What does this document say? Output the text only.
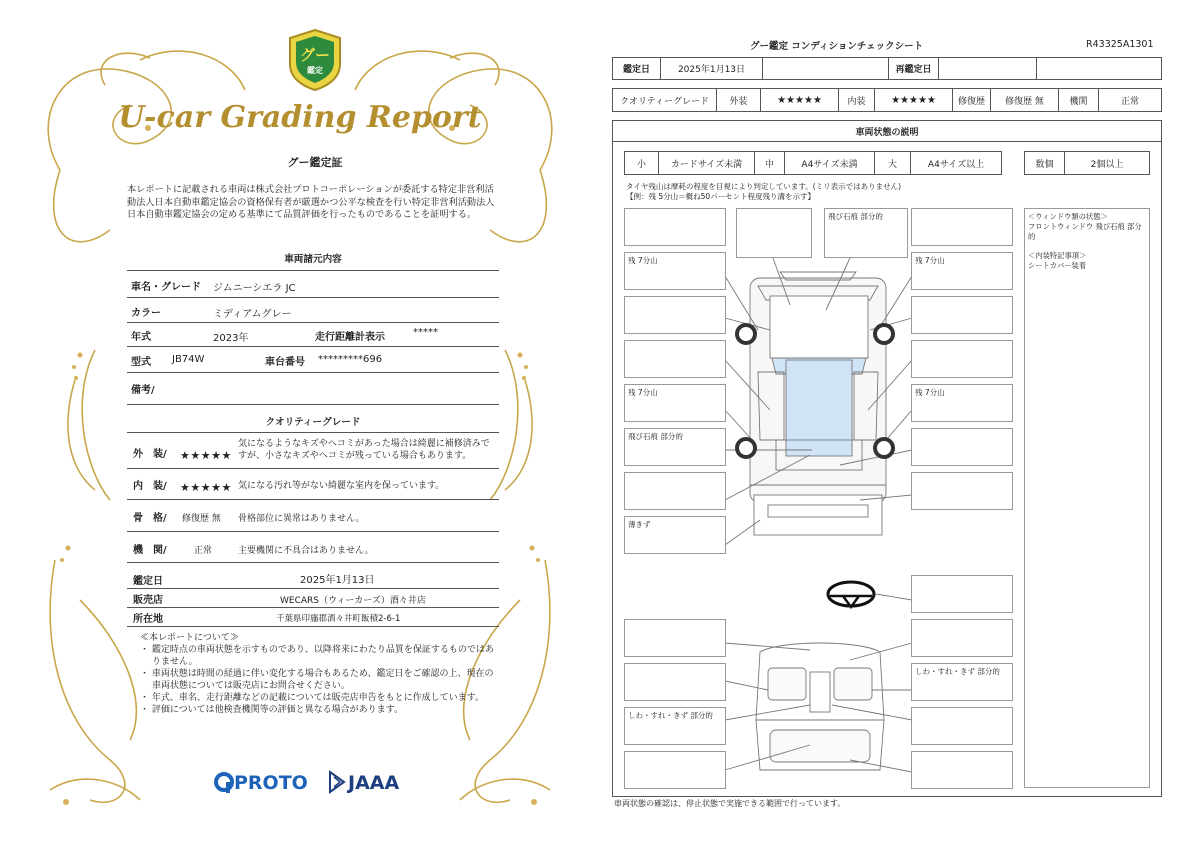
グー
鑑定
U-car Grading Report
グー鑑定証
本レポートに記載される車両は株式会社プロトコーポレーションが委託する特定非営利活動法人日本自動車鑑定協会の資格保有者が厳選かつ公平な検査を行い特定非営利活動法人日本自動車鑑定協会の定める基準にて品質評価を行ったものであることを証明する。
車両諸元内容
車名・グレード ジムニーシエラ JC
カラー	ミディアムグレー
年式	2023年	走行距離計表示	*****
型式 JB74W	車台番号 *********696
備考/
クオリティーグレード
外　装/ ★★★★★
気になるようなキズやヘコミがあった場合は綺麗に補修済みですが、小さなキズやヘコミが残っている場合もあります。
内　装/ ★★★★★ 気になる汚れ等がない綺麗な室内を保っています。
骨　格/ 修復歴 無 骨格部位に異常はありません。
機　関/	正常	主要機関に不具合はありません。
鑑定日	2025年1月13日
販売店	WECARS（ウィーカーズ）酒々井店
所在地	千葉県印旛郡酒々井町飯積2-6-1
≪本レポートについて≫
・ 鑑定時点の車両状態を示すものであり、以降将来にわたり品質を保証するものではありません。
・ 車両状態は時間の経過に伴い変化する場合もあるため、鑑定日をご確認の上、現在の車両状態については販売店にお問合せください。
・ 年式、車名、走行距離などの記載については販売店申告をもとに作成しています。
・ 評価については他検査機関等の評価と異なる場合があります。
PROTO JAAA
グー鑑定 コンディションチェックシート	R43325A1301
鑑定日	2025年1月13日	再鑑定日
クオリティーグレード	外装	★★★★★	内装	★★★★★	修復歴	修復歴 無	機関	正常
車両状態の説明
小	カードサイズ未満	中	A4サイズ未満	大	A4サイズ以上	数個	2個以上
タイヤ残山は摩耗の程度を目視により判定しています。(ミリ表示ではありません)
【例：残 5分山＝概ね50パーセント程度残り溝を示す】
残 7分山
残 7分山
飛び石痕 部分的
薄きず
飛び石痕 部分的
残 7分山
残 7分山
しわ・すれ・きず 部分的
しわ・すれ・きず 部分的
＜ウィンドウ類の状態＞
フロントウィンドウ 飛び石痕 部分的
＜内装特記事項＞
シートカバー装着
車両状態の確認は、停止状態で実施できる範囲で行っています。
